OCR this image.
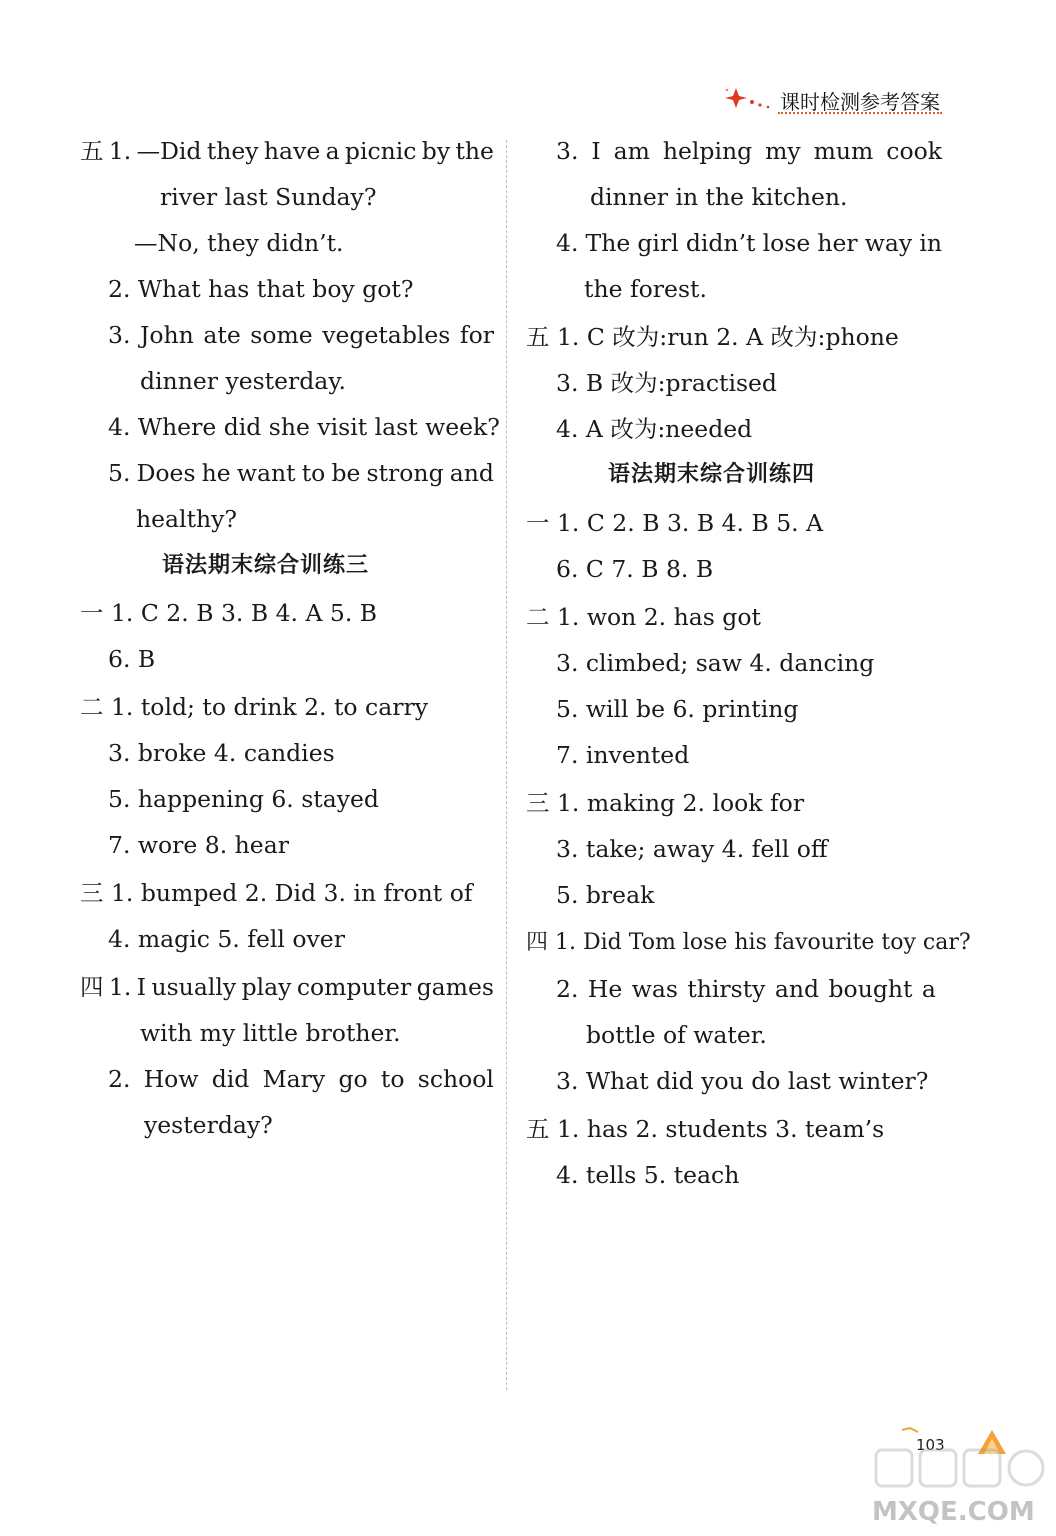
课时检测参考答案
五 1. —Did they have a picnic by the
river last Sunday?
—No, they didn’t.
2. What has that boy got?
3. John ate some vegetables for
dinner yesterday.
4. Where did she visit last week?
5. Does he want to be strong and
healthy?
语法期末综合训练三
一 1. C 2. B 3. B 4. A 5. B
6. B
二 1. told; to drink 2. to carry
3. broke 4. candies
5. happening 6. stayed
7. wore 8. hear
三 1. bumped 2. Did 3. in front of
4. magic 5. fell over
四 1. I usually play computer games
with my little brother.
2. How did Mary go to school
yesterday?
3. I am helping my mum cook
dinner in the kitchen.
4. The girl didn’t lose her way in
the forest.
五 1. C 改为:run 2. A 改为:phone
3. B 改为:practised
4. A 改为:needed
语法期末综合训练四
一 1. C 2. B 3. B 4. B 5. A
6. C 7. B 8. B
二 1. won 2. has got
3. climbed; saw 4. dancing
5. will be 6. printing
7. invented
三 1. making 2. look for
3. take; away 4. fell off
5. break
四 1. Did Tom lose his favourite toy car?
2. He was thirsty and bought a
bottle of water.
3. What did you do last winter?
五 1. has 2. students 3. team’s
4. tells 5. teach
103
MXQE.COM
